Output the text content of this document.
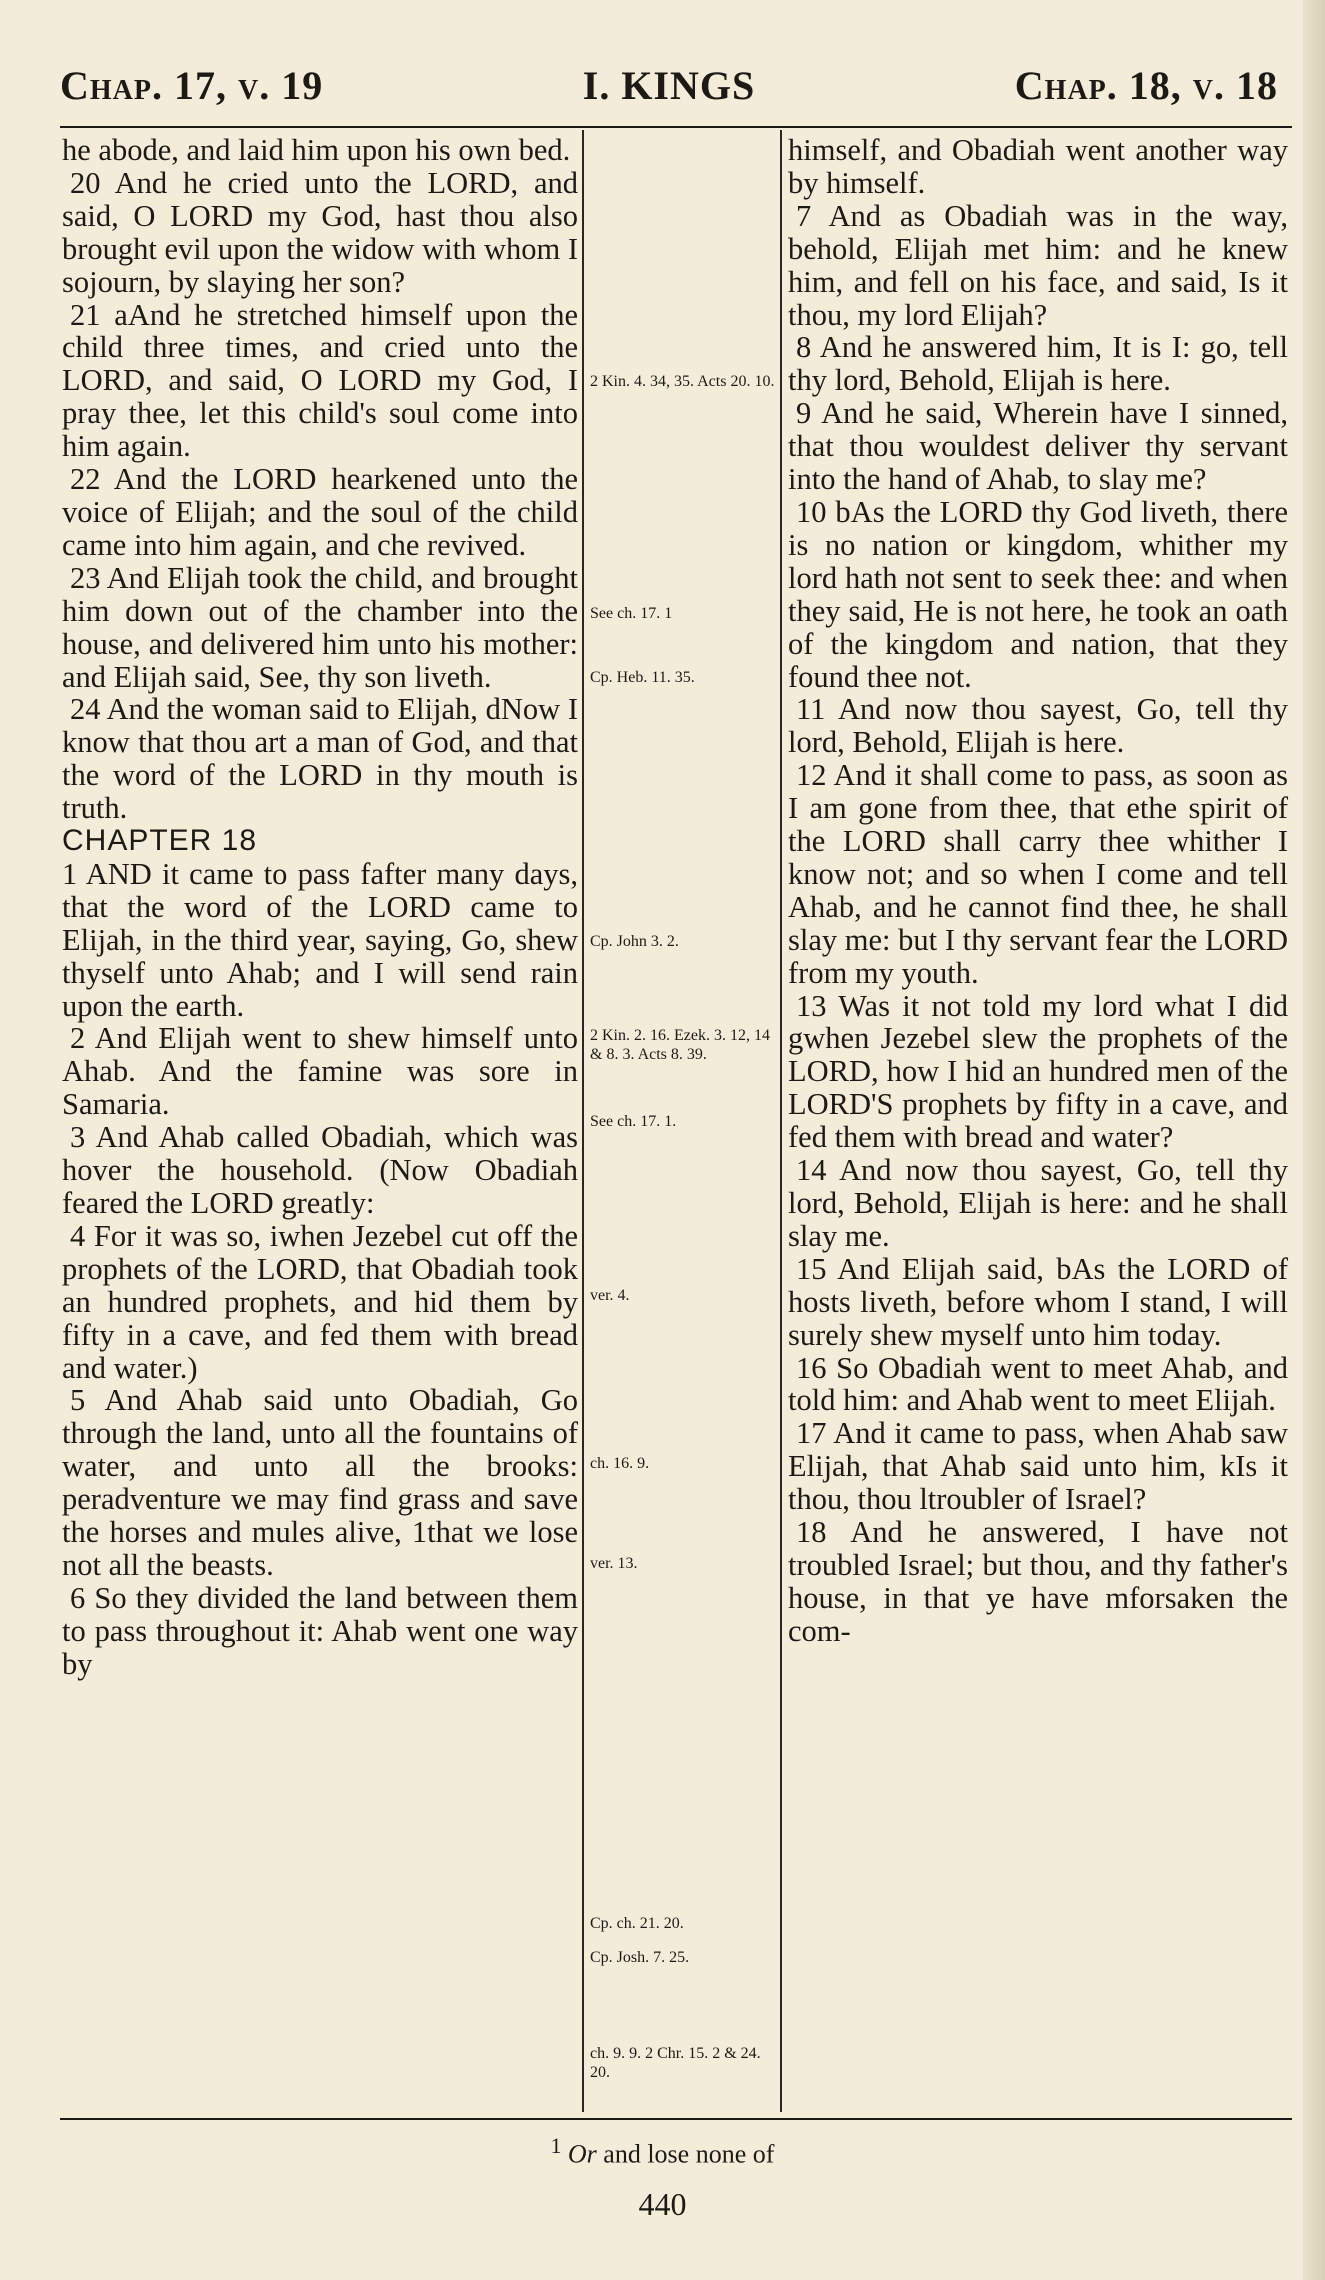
Chap. 17, v. 19	I. KINGS	Chap. 18, v. 18

he abode, and laid him upon his own bed.

20 And he cried unto the LORD, and said, O LORD my God, hast thou also brought evil upon the widow with whom I sojourn, by slaying her son?

21 aAnd he stretched himself upon the child three times, and cried unto the LORD, and said, O LORD my God, I pray thee, let this child's soul come into him again.

22 And the LORD hearkened unto the voice of Elijah; and the soul of the child came into him again, and che revived.

23 And Elijah took the child, and brought him down out of the chamber into the house, and delivered him unto his mother: and Elijah said, See, thy son liveth.

24 And the woman said to Elijah, dNow I know that thou art a man of God, and that the word of the LORD in thy mouth is truth.

CHAPTER 18

1 AND it came to pass fafter many days, that the word of the LORD came to Elijah, in the third year, saying, Go, shew thyself unto Ahab; and I will send rain upon the earth.

2 And Elijah went to shew himself unto Ahab. And the famine was sore in Samaria.

3 And Ahab called Obadiah, which was hover the household. (Now Obadiah feared the LORD greatly:

4 For it was so, iwhen Jezebel cut off the prophets of the LORD, that Obadiah took an hundred prophets, and hid them by fifty in a cave, and fed them with bread and water.)

5 And Ahab said unto Obadiah, Go through the land, unto all the fountains of water, and unto all the brooks: peradventure we may find grass and save the horses and mules alive, 1that we lose not all the beasts.

6 So they divided the land between them to pass throughout it: Ahab went one way by

2 Kin. 4. 34, 35. Acts 20. 10.
See ch. 17. 1
Cp. Heb. 11. 35.
Cp. John 3. 2.
2 Kin. 2. 16. Ezek. 3. 12, 14 & 8. 3. Acts 8. 39.
See ch. 17. 1.
ver. 4.
ch. 16. 9.
ver. 13.
Cp. ch. 21. 20.
Cp. Josh. 7. 25.
ch. 9. 9. 2 Chr. 15. 2 & 24. 20.

himself, and Obadiah went another way by himself.

7 And as Obadiah was in the way, behold, Elijah met him: and he knew him, and fell on his face, and said, Is it thou, my lord Elijah?

8 And he answered him, It is I: go, tell thy lord, Behold, Elijah is here.

9 And he said, Wherein have I sinned, that thou wouldest deliver thy servant into the hand of Ahab, to slay me?

10 bAs the LORD thy God liveth, there is no nation or kingdom, whither my lord hath not sent to seek thee: and when they said, He is not here, he took an oath of the kingdom and nation, that they found thee not.

11 And now thou sayest, Go, tell thy lord, Behold, Elijah is here.

12 And it shall come to pass, as soon as I am gone from thee, that ethe spirit of the LORD shall carry thee whither I know not; and so when I come and tell Ahab, and he cannot find thee, he shall slay me: but I thy servant fear the LORD from my youth.

13 Was it not told my lord what I did gwhen Jezebel slew the prophets of the LORD, how I hid an hundred men of the LORD'S prophets by fifty in a cave, and fed them with bread and water?

14 And now thou sayest, Go, tell thy lord, Behold, Elijah is here: and he shall slay me.

15 And Elijah said, bAs the LORD of hosts liveth, before whom I stand, I will surely shew myself unto him today.

16 So Obadiah went to meet Ahab, and told him: and Ahab went to meet Elijah.

17 And it came to pass, when Ahab saw Elijah, that Ahab said unto him, kIs it thou, thou ltroubler of Israel?

18 And he answered, I have not troubled Israel; but thou, and thy father's house, in that ye have mforsaken the com-

$^1$ Or and lose none of
440
